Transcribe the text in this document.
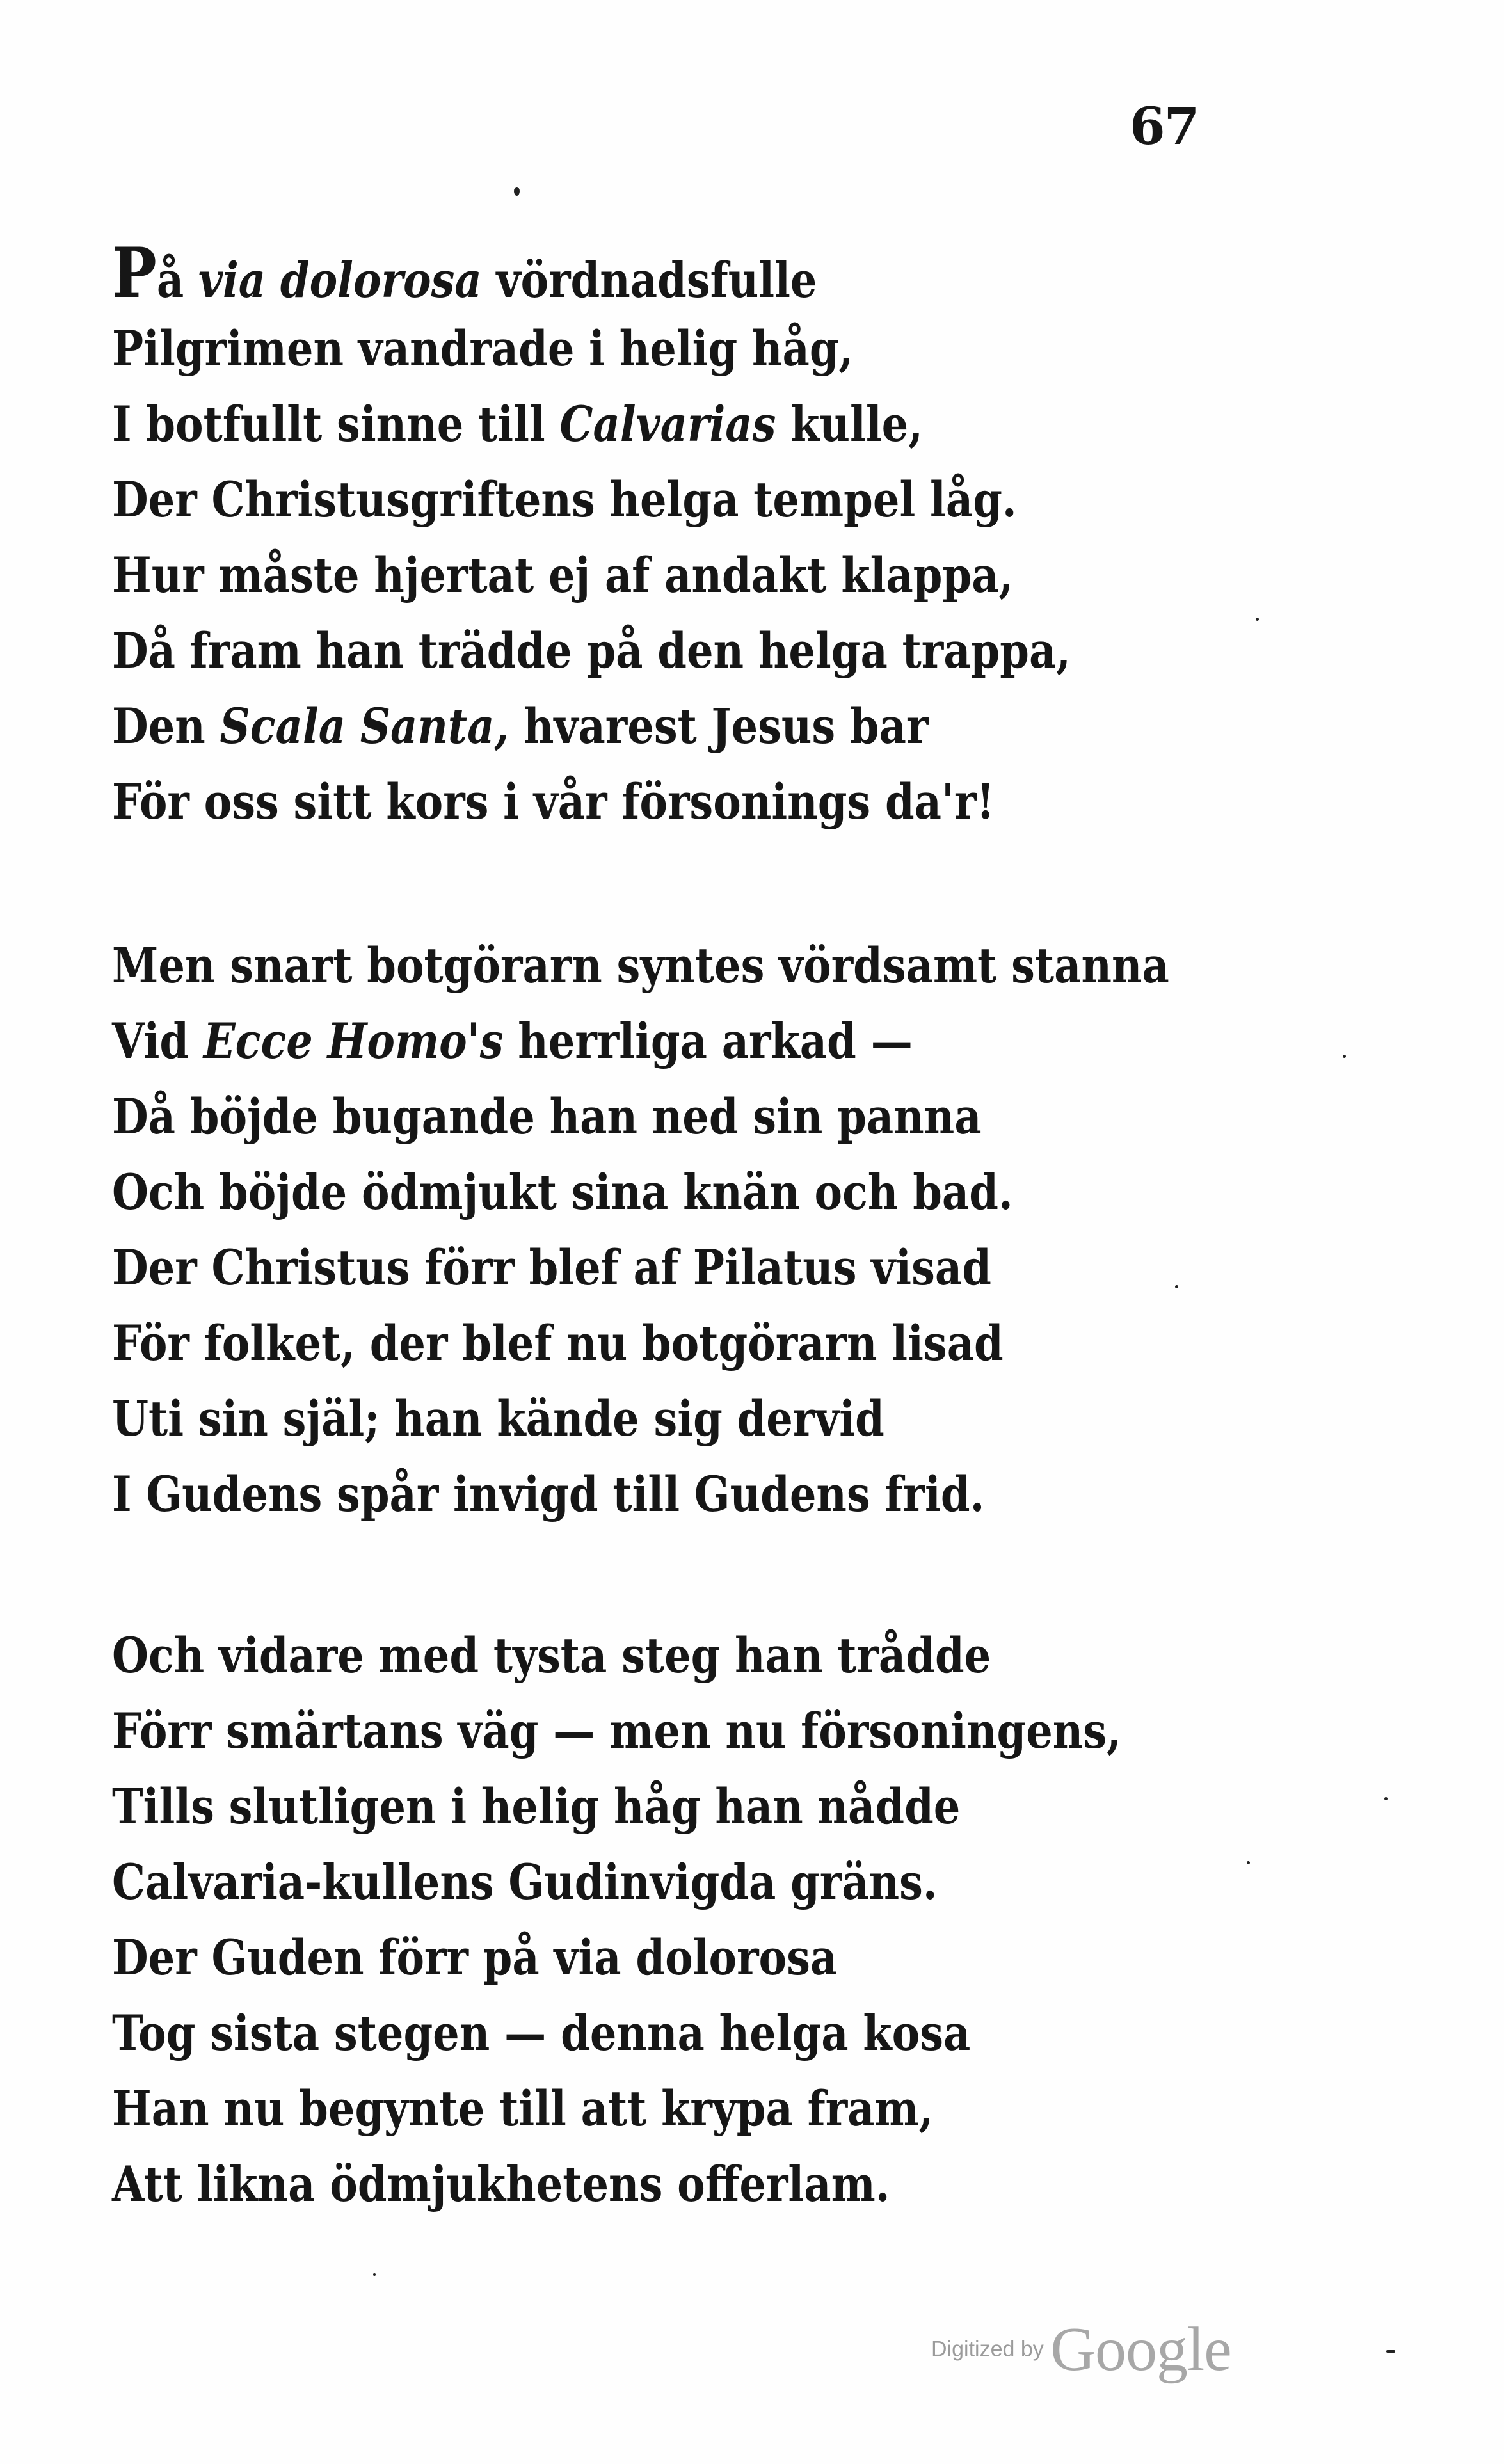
67
På via dolorosa vördnadsfulle
Pilgrimen vandrade i helig håg,
I botfullt sinne till Calvarias kulle,
Der Christusgriftens helga tempel låg.
Hur måste hjertat ej af andakt klappa,
Då fram han trädde på den helga trappa,
Den Scala Santa, hvarest Jesus bar
För oss sitt kors i vår försonings da'r!
Men snart botgörarn syntes vördsamt stanna
Vid Ecce Homo's herrliga arkad —
Då böjde bugande han ned sin panna
Och böjde ödmjukt sina knän och bad.
Der Christus förr blef af Pilatus visad
För folket, der blef nu botgörarn lisad
Uti sin själ; han kände sig dervid
I Gudens spår invigd till Gudens frid.
Och vidare med tysta steg han trådde
Förr smärtans väg — men nu försoningens,
Tills slutligen i helig håg han nådde
Calvaria-kullens Gudinvigda gräns.
Der Guden förr på via dolorosa
Tog sista stegen — denna helga kosa
Han nu begynte till att krypa fram,
Att likna ödmjukhetens offerlam.
Digitized by Google
